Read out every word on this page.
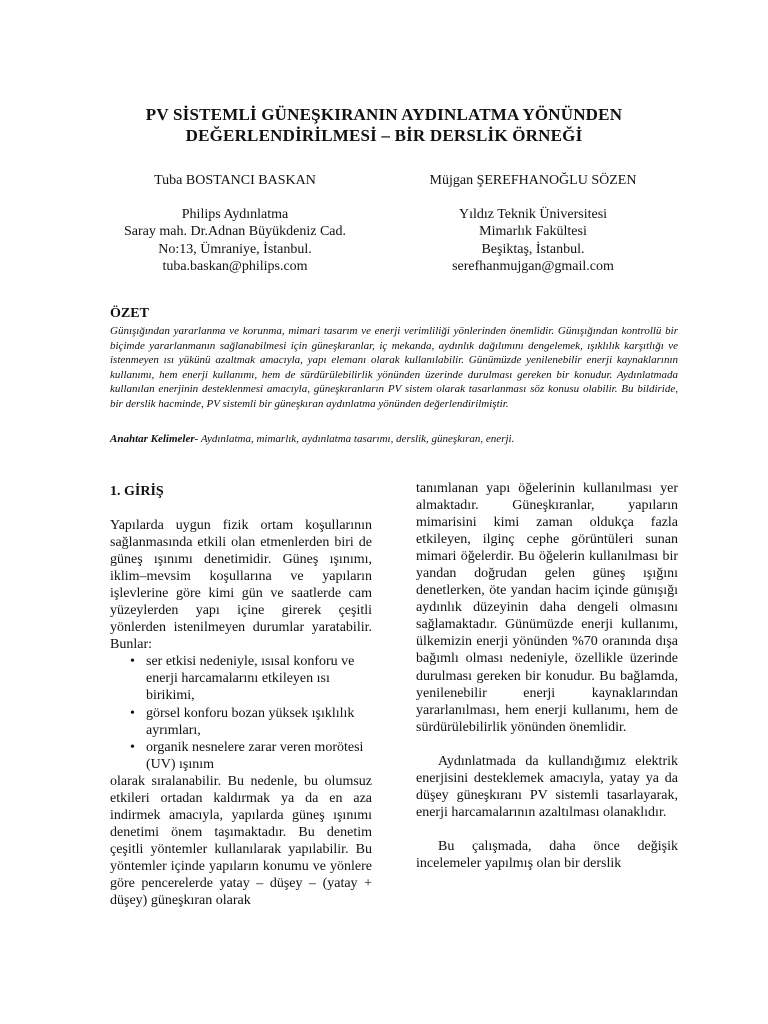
PV SİSTEMLİ GÜNEŞKIRANIN AYDINLATMA YÖNÜNDEN
DEĞERLENDİRİLMESİ – BİR DERSLİK ÖRNEĞİ
Tuba BOSTANCI BASKAN
Philips Aydınlatma
Saray mah. Dr.Adnan Büyükdeniz Cad.
No:13, Ümraniye, İstanbul.
tuba.baskan@philips.com
Müjgan ŞEREFHANOĞLU SÖZEN
Yıldız Teknik Üniversitesi
Mimarlık Fakültesi
Beşiktaş, İstanbul.
serefhanmujgan@gmail.com
ÖZET
Günışığından yararlanma ve korunma, mimari tasarım ve enerji verimliliği yönlerinden önemlidir. Günışığından kontrollü bir biçimde yararlanmanın sağlanabilmesi için güneşkıranlar, iç mekanda, aydınlık dağılımını dengelemek, ışıklılık karşıtlığı ve istenmeyen ısı yükünü azaltmak amacıyla, yapı elemanı olarak kullanılabilir. Günümüzde yenilenebilir enerji kaynaklarının kullanımı, hem enerji kullanımı, hem de sürdürülebilirlik yönünden üzerinde durulması gereken bir konudur. Aydınlatmada kullanılan enerjinin desteklenmesi amacıyla, güneşkıranların PV sistem olarak tasarlanması söz konusu olabilir. Bu bildiride, bir derslik hacminde, PV sistemli bir güneşkıran aydınlatma yönünden değerlendirilmiştir.
Anahtar Kelimeler- Aydınlatma, mimarlık, aydınlatma tasarımı, derslik, güneşkıran, enerji.
1. GİRİŞ

Yapılarda uygun fizik ortam koşullarının sağlanmasında etkili olan etmenlerden biri de güneş ışınımı denetimidir. Güneş ışınımı, iklim–mevsim koşullarına ve yapıların işlevlerine göre kimi gün ve saatlerde cam yüzeylerden yapı içine girerek çeşitli yönlerden istenilmeyen durumlar yaratabilir. Bunlar:

• ser etkisi nedeniyle, ısısal konforu ve enerji harcamalarını etkileyen ısı birikimi,
• görsel konforu bozan yüksek ışıklılık ayrımları,
• organik nesnelere zarar veren morötesi (UV) ışınım

olarak sıralanabilir. Bu nedenle, bu olumsuz etkileri ortadan kaldırmak ya da en aza indirmek amacıyla, yapılarda güneş ışınımı denetimi önem taşımaktadır. Bu denetim çeşitli yöntemler kullanılarak yapılabilir. Bu yöntemler içinde yapıların konumu ve yönlere göre pencerelerde yatay – düşey – (yatay + düşey) güneşkıran olarak

tanımlanan yapı öğelerinin kullanılması yer almaktadır. Güneşkıranlar, yapıların mimarisini kimi zaman oldukça fazla etkileyen, ilginç cephe görüntüleri sunan mimari öğelerdir. Bu öğelerin kullanılması bir yandan doğrudan gelen güneş ışığını denetlerken, öte yandan hacim içinde günışığı aydınlık düzeyinin daha dengeli olmasını sağlamaktadır. Günümüzde enerji kullanımı, ülkemizin enerji yönünden %70 oranında dışa bağımlı olması nedeniyle, özellikle üzerinde durulması gereken bir konudur. Bu bağlamda, yenilenebilir enerji kaynaklarından yararlanılması, hem enerji kullanımı, hem de sürdürülebilirlik yönünden önemlidir.

Aydınlatmada da kullandığımız elektrik enerjisini desteklemek amacıyla, yatay ya da düşey güneşkıranı PV sistemli tasarlayarak, enerji harcamalarının azaltılması olanaklıdır.

Bu çalışmada, daha önce değişik incelemeler yapılmış olan bir derslik
